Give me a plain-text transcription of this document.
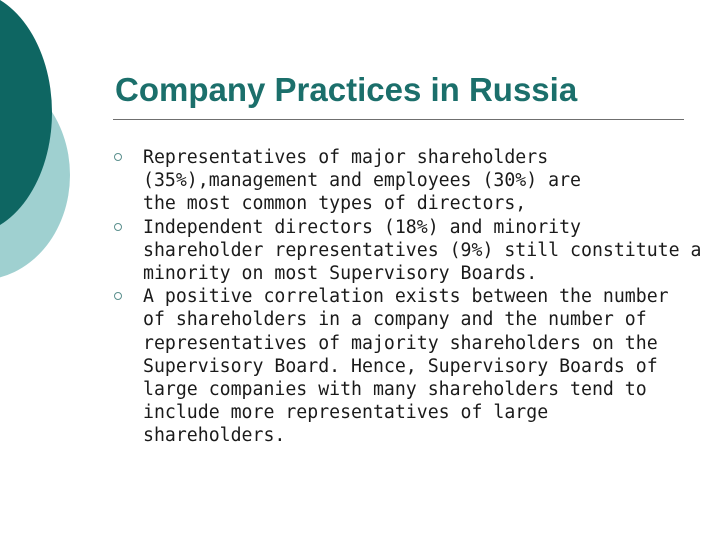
Company Practices in Russia
Representatives of major shareholders
(35%),management and employees (30%) are
the most common types of directors,
Independent directors (18%) and minority
shareholder representatives (9%) still constitute a
minority on most Supervisory Boards.
A positive correlation exists between the number
of shareholders in a company and the number of
representatives of majority shareholders on the
Supervisory Board. Hence, Supervisory Boards of
large companies with many shareholders tend to
include more representatives of large
shareholders.
